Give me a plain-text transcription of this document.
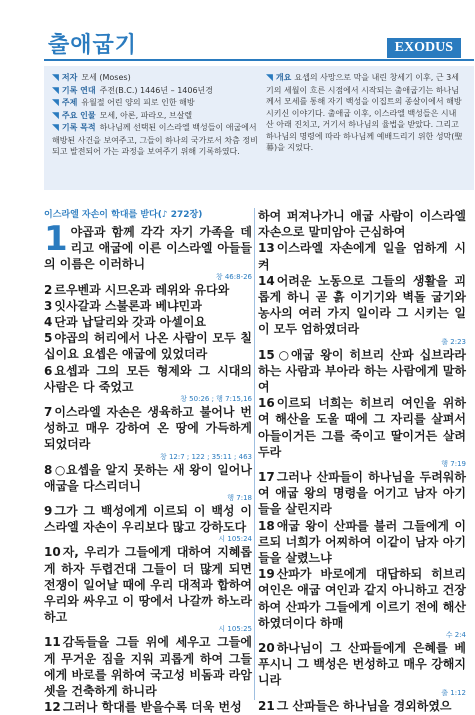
출애굽기	EXODUS
◥ 저자 모세 (Moses)
◥ 기록 연대 주전(B.C.) 1446년 – 1406년경
◥ 주제 유월절 어린 양의 피로 인한 해방
◥ 주요 인물 모세, 아론, 파라오, 브살렐
◥ 기록 목적 하나님께 선택된 이스라엘 백성들이 애굽에서 해방된 사건을 보여주고, 그들이 하나의 국가로서 차츰 정비되고 발전되어 가는 과정을 보여주기 위해 기록하였다.
◥ 개요 요셉의 사망으로 막을 내린 창세기 이후, 근 3세기의 세월이 흐른 시점에서 시작되는 출애굽기는 하나님께서 모세를 통해 자기 백성을 이집트의 종살이에서 해방시키신 이야기다. 출애굽 이후, 이스라엘 백성들은 시내 산 아래 진치고, 거기서 하나님의 율법을 받았다. 그리고 하나님의 명령에 따라 하나님께 예배드리기 위한 성막(聖幕)을 지었다.
이스라엘 자손이 학대를 받다(♪ 272장)

1 야곱과 함께 각각 자기 가족을 데리고 애굽에 이른 이스라엘 아들들의 이름은 이러하니
창 46:8-26

2 르우벤과 시므온과 레위와 유다와

3 잇사갈과 스불론과 베냐민과

4 단과 납달리와 갓과 아셀이요

5 야곱의 허리에서 나온 사람이 모두 칠십이요 요셉은 애굽에 있었더라

6 요셉과 그의 모든 형제와 그 시대의 사람은 다 죽었고
창 50:26 ; 행 7:15,16

7 이스라엘 자손은 생육하고 불어나 번성하고 매우 강하여 온 땅에 가득하게 되었더라
창 12:7 ; 122 ; 35:11 ; 463

8 ○요셉을 알지 못하는 새 왕이 일어나 애굽을 다스리더니
행 7:18

9 그가 그 백성에게 이르되 이 백성 이스라엘 자손이 우리보다 많고 강하도다
시 105:24

10 자, 우리가 그들에게 대하여 지혜롭게 하자 두렵건대 그들이 더 많게 되면 전쟁이 일어날 때에 우리 대적과 합하여 우리와 싸우고 이 땅에서 나갈까 하노라 하고
시 105:25

11 감독들을 그들 위에 세우고 그들에게 무거운 짐을 지워 괴롭게 하여 그들에게 바로를 위하여 국고성 비돔과 라암셋을 건축하게 하니라

12 그러나 학대를 받을수록 더욱 번성

하여 퍼져나가니 애굽 사람이 이스라엘 자손으로 말미암아 근심하여

13 이스라엘 자손에게 일을 엄하게 시켜

14 어려운 노동으로 그들의 생활을 괴롭게 하니 곧 흙 이기기와 벽돌 굽기와 농사의 여러 가지 일이라 그 시키는 일이 모두 엄하였더라
출 2:23

15 ○애굽 왕이 히브리 산파 십브라라 하는 사람과 부아라 하는 사람에게 말하여

16 이르되 너희는 히브리 여인을 위하여 해산을 도울 때에 그 자리를 살펴서 아들이거든 그를 죽이고 딸이거든 살려두라
행 7:19

17 그러나 산파들이 하나님을 두려워하여 애굽 왕의 명령을 어기고 남자 아기들을 살린지라

18 애굽 왕이 산파를 불러 그들에게 이르되 너희가 어찌하여 이같이 남자 아기들을 살렸느냐

19 산파가 바로에게 대답하되 히브리 여인은 애굽 여인과 같지 아니하고 건장하여 산파가 그들에게 이르기 전에 해산하였더이다 하매
수 2:4

20 하나님이 그 산파들에게 은혜를 베푸시니 그 백성은 번성하고 매우 강해지니라
출 1:12

21 그 산파들은 하나님을 경외하였으
